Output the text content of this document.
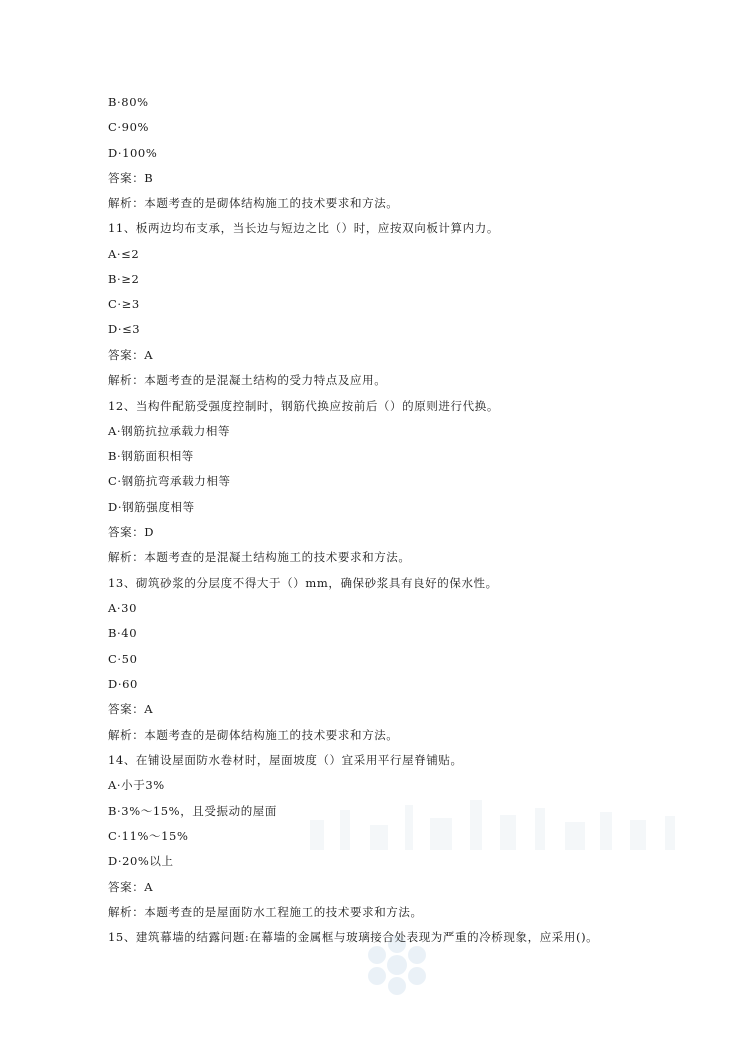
B·80%
C·90%
D·100%
答案：B
解析：本题考查的是砌体结构施工的技术要求和方法。
11、板两边均布支承，当长边与短边之比（）时，应按双向板计算内力。
A·≤2
B·≥2
C·≥3
D·≤3
答案：A
解析：本题考查的是混凝土结构的受力特点及应用。
12、当构件配筋受强度控制时，钢筋代换应按前后（）的原则进行代换。
A·钢筋抗拉承载力相等
B·钢筋面积相等
C·钢筋抗弯承载力相等
D·钢筋强度相等
答案：D
解析：本题考查的是混凝土结构施工的技术要求和方法。
13、砌筑砂浆的分层度不得大于（）mm，确保砂浆具有良好的保水性。
A·30
B·40
C·50
D·60
答案：A
解析：本题考查的是砌体结构施工的技术要求和方法。
14、在铺设屋面防水卷材时，屋面坡度（）宜采用平行屋脊铺贴。
A·小于3%
B·3%～15%，且受振动的屋面
C·11%～15%
D·20%以上
答案：A
解析：本题考查的是屋面防水工程施工的技术要求和方法。
15、建筑幕墙的结露问题:在幕墙的金属框与玻璃接合处表现为严重的冷桥现象，应采用()。
